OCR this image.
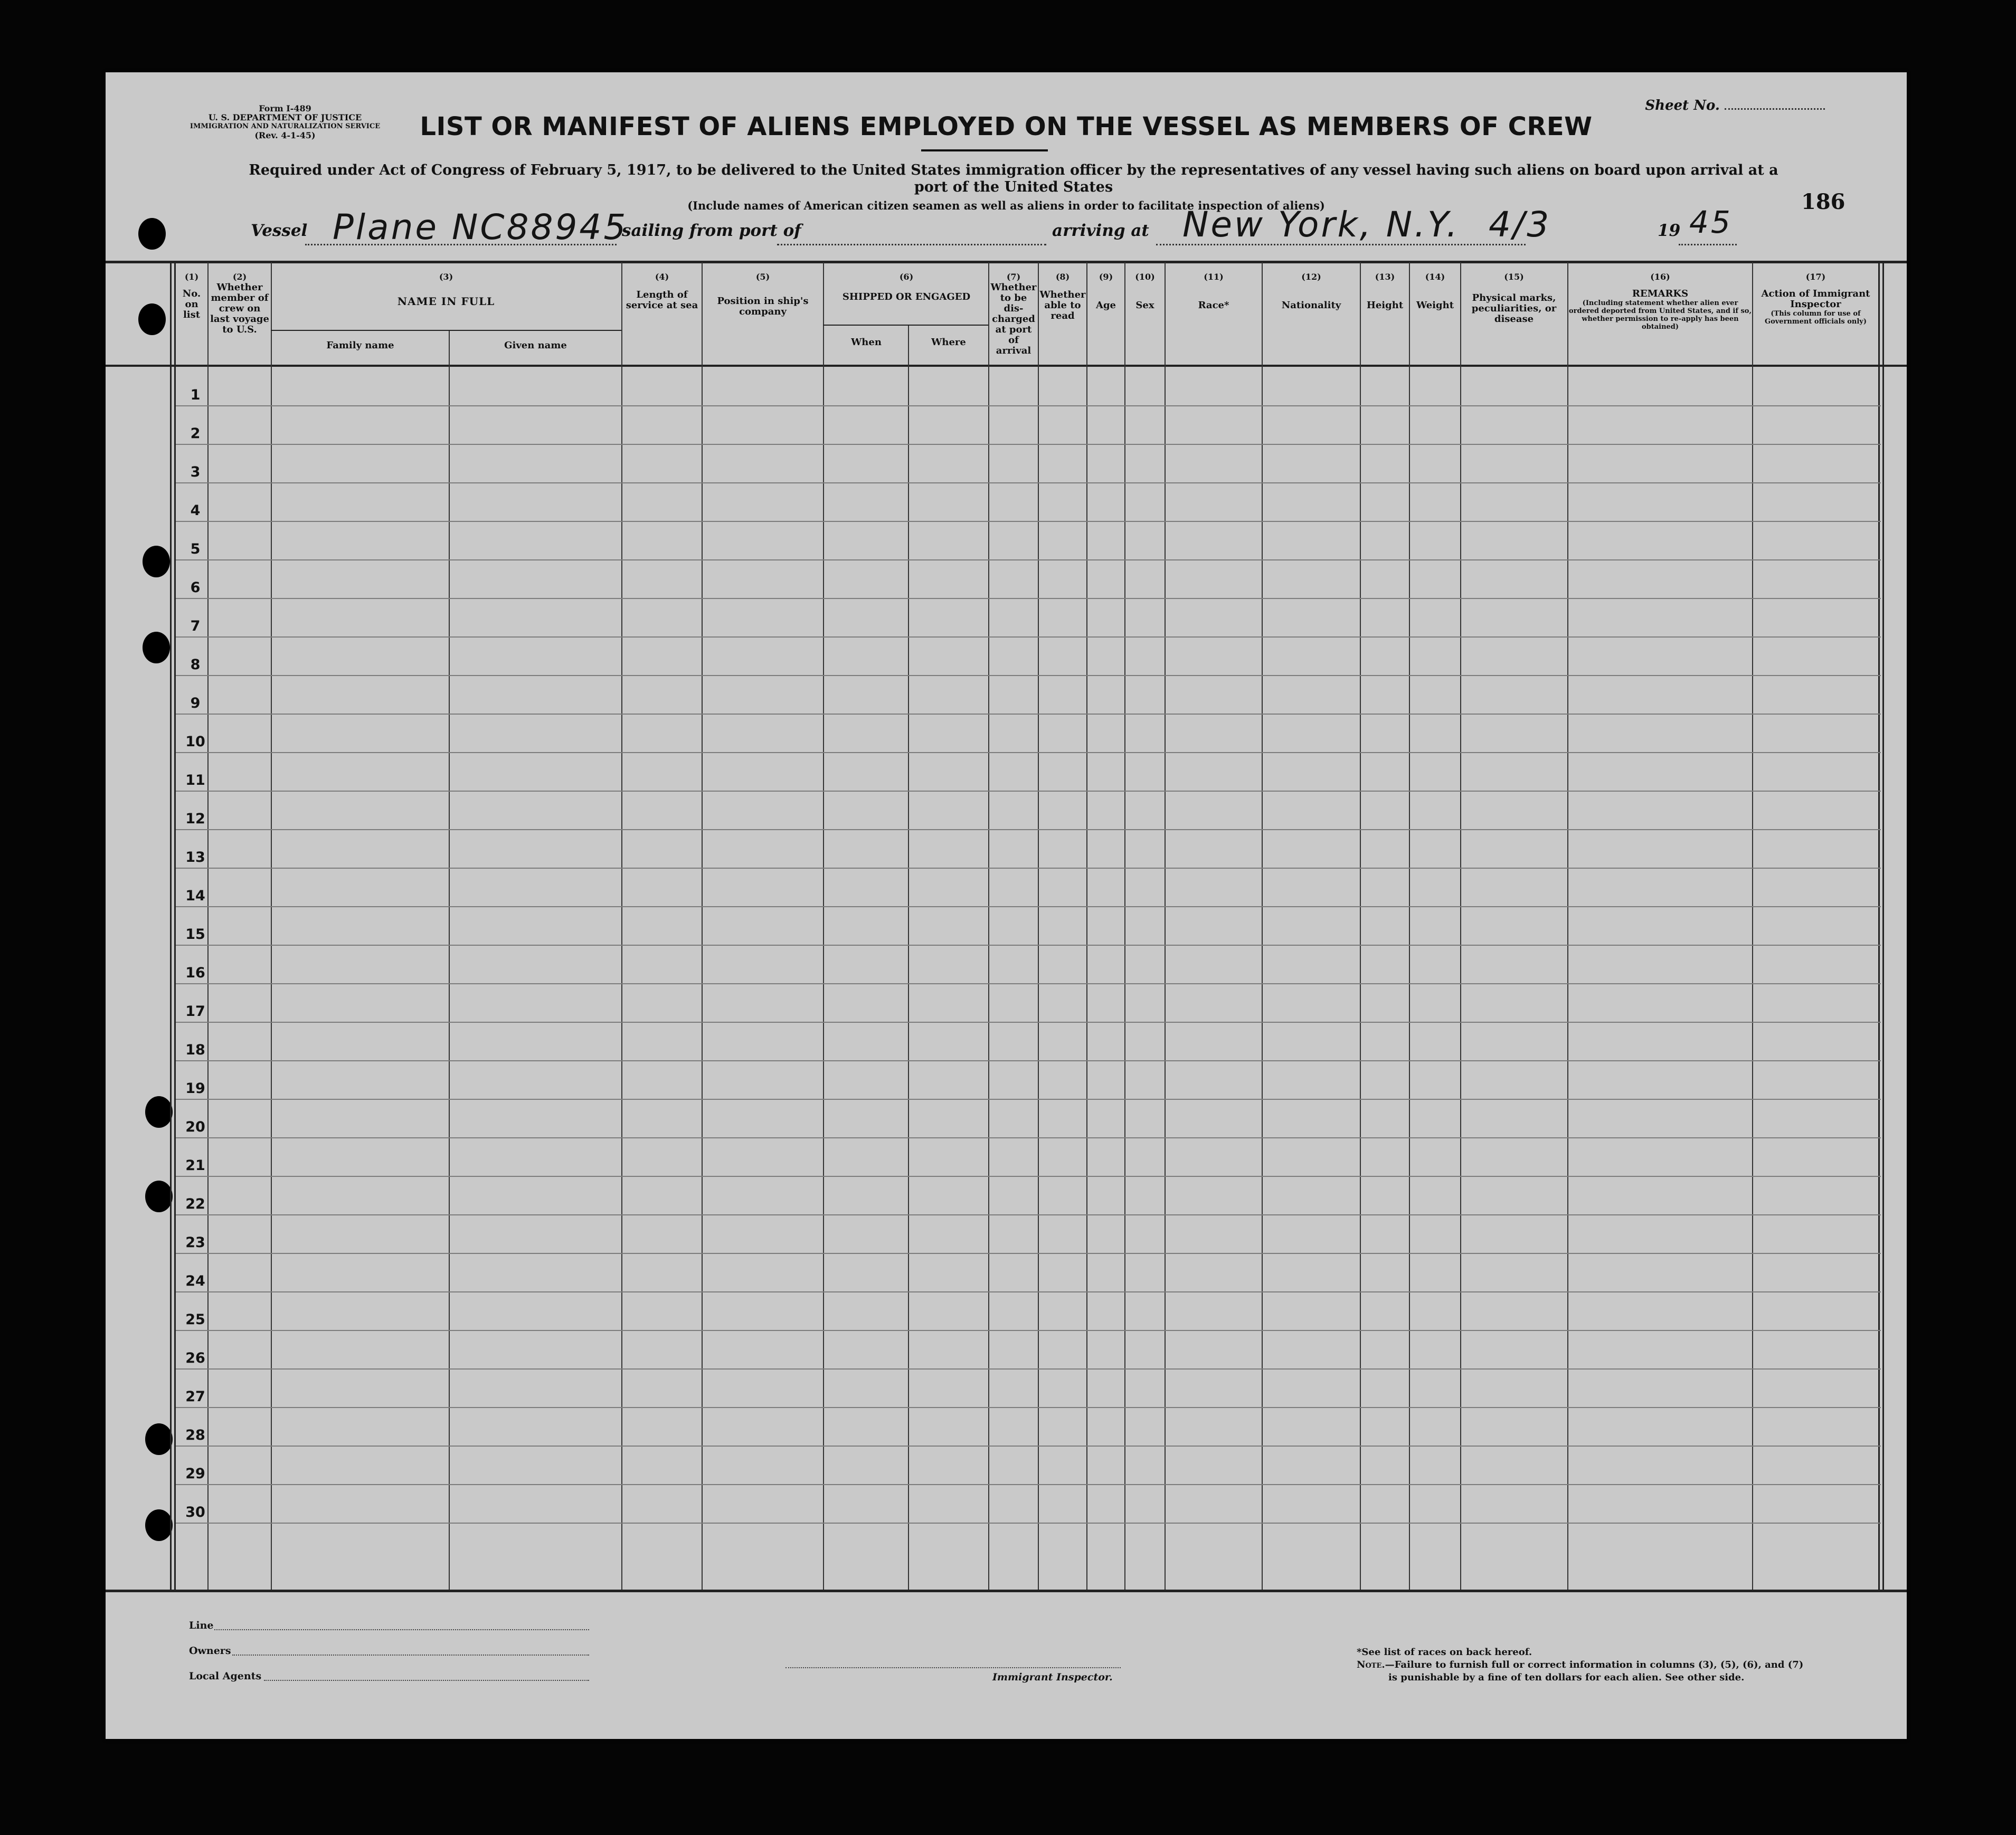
Form I-489
U. S. DEPARTMENT OF JUSTICE
IMMIGRATION AND NATURALIZATION SERVICE
(Rev. 4-1-45)
Sheet No.
LIST OR MANIFEST OF ALIENS EMPLOYED ON THE VESSEL AS MEMBERS OF CREW
Required under Act of Congress of February 5, 1917, to be delivered to the United States immigration officer by the representatives of any vessel having such aliens on board upon arrival at a
port of the United States
(Include names of American citizen seamen as well as aliens in order to facilitate inspection of aliens)	186
Vessel Plane NC88945
sailing from port of	arriving at New York, N.Y. 4/3	19 45
(1)
No. on list
(2)
Whether member of crew on last voyage to U.S.
(3)
NAME IN FULL
Family name	Given name
(4)
Length of service at sea
(5)
Position in ship's company
(6)
SHIPPED OR ENGAGED
When	Where
(7)
Whether to be dis-charged at port of arrival
(8)
Whether able to read
(9)
Age
(10)
Sex
(11)
Race*
(12)
Nationality
(13)
Height
(14)
Weight
(15)
Physical marks, peculiarities, or disease
(16)
REMARKS
(Including statement whether alien ever ordered deported from United States, and if so, whether permission to re-apply has been obtained)
(17)
Action of Immigrant Inspector
(This column for use of Government officials only)
1
2
3
4
5
6
7
8
9
10
11
12
13
14
15
16
17
18
19
20
21
22
23
24
25
26
27
28
29
30
Line
Owners
Local Agents	Immigrant Inspector.
*See list of races on back hereof.
Note.—Failure to furnish full or correct information in columns (3), (5), (6), and (7)
is punishable by a fine of ten dollars for each alien. See other side.
